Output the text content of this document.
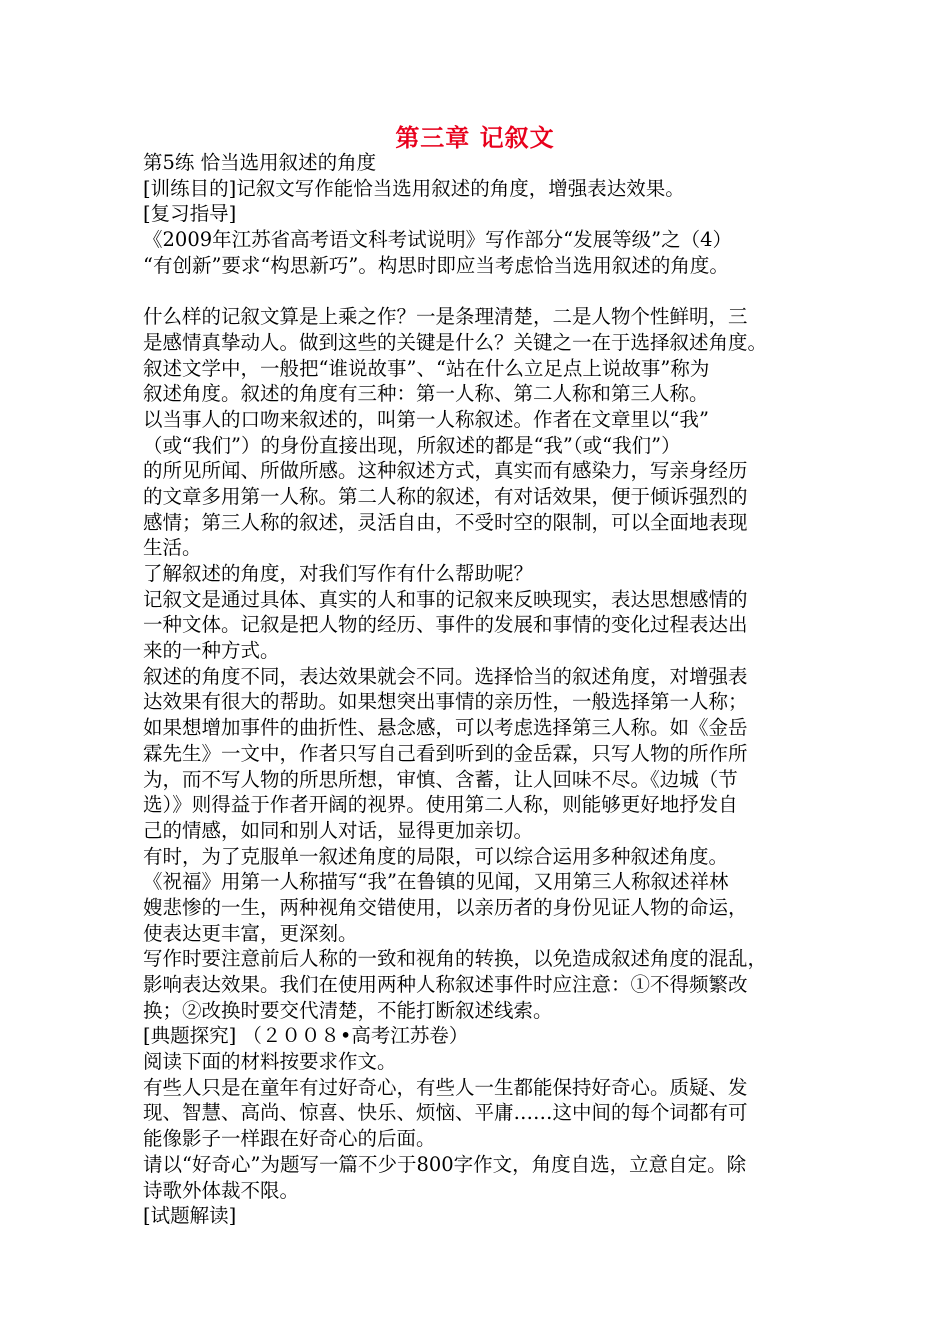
第三章 记叙文
第5练 恰当选用叙述的角度
[训练目的]记叙文写作能恰当选用叙述的角度，增强表达效果。
[复习指导]
《2009年江苏省高考语文科考试说明》写作部分“发展等级”之（4）
“有创新”要求“构思新巧”。构思时即应当考虑恰当选用叙述的角度。
什么样的记叙文算是上乘之作？一是条理清楚，二是人物个性鲜明，三
是感情真挚动人。做到这些的关键是什么？关键之一在于选择叙述角度。
叙述文学中，一般把“谁说故事”、“站在什么立足点上说故事”称为
叙述角度。叙述的角度有三种：第一人称、第二人称和第三人称。
以当事人的口吻来叙述的，叫第一人称叙述。作者在文章里以“我”
（或“我们”）的身份直接出现，所叙述的都是“我”（或“我们”）
的所见所闻、所做所感。这种叙述方式，真实而有感染力，写亲身经历
的文章多用第一人称。第二人称的叙述，有对话效果，便于倾诉强烈的
感情；第三人称的叙述，灵活自由，不受时空的限制，可以全面地表现
生活。
了解叙述的角度，对我们写作有什么帮助呢？
记叙文是通过具体、真实的人和事的记叙来反映现实，表达思想感情的
一种文体。记叙是把人物的经历、事件的发展和事情的变化过程表达出
来的一种方式。
叙述的角度不同，表达效果就会不同。选择恰当的叙述角度，对增强表
达效果有很大的帮助。如果想突出事情的亲历性，一般选择第一人称；
如果想增加事件的曲折性、悬念感，可以考虑选择第三人称。如《金岳
霖先生》一文中，作者只写自己看到听到的金岳霖，只写人物的所作所
为，而不写人物的所思所想，审慎、含蓄，让人回味不尽。《边城（节
选）》则得益于作者开阔的视界。使用第二人称，则能够更好地抒发自
己的情感，如同和别人对话，显得更加亲切。
有时，为了克服单一叙述角度的局限，可以综合运用多种叙述角度。
《祝福》用第一人称描写“我”在鲁镇的见闻，又用第三人称叙述祥林
嫂悲惨的一生，两种视角交错使用，以亲历者的身份见证人物的命运，
使表达更丰富，更深刻。
写作时要注意前后人称的一致和视角的转换，以免造成叙述角度的混乱，
影响表达效果。我们在使用两种人称叙述事件时应注意：①不得频繁改
换；②改换时要交代清楚，不能打断叙述线索。
[典题探究] （２００８•高考江苏卷）
阅读下面的材料按要求作文。
有些人只是在童年有过好奇心，有些人一生都能保持好奇心。质疑、发
现、智慧、高尚、惊喜、快乐、烦恼、平庸……这中间的每个词都有可
能像影子一样跟在好奇心的后面。
请以“好奇心”为题写一篇不少于800字作文，角度自选，立意自定。除
诗歌外体裁不限。
[试题解读]
